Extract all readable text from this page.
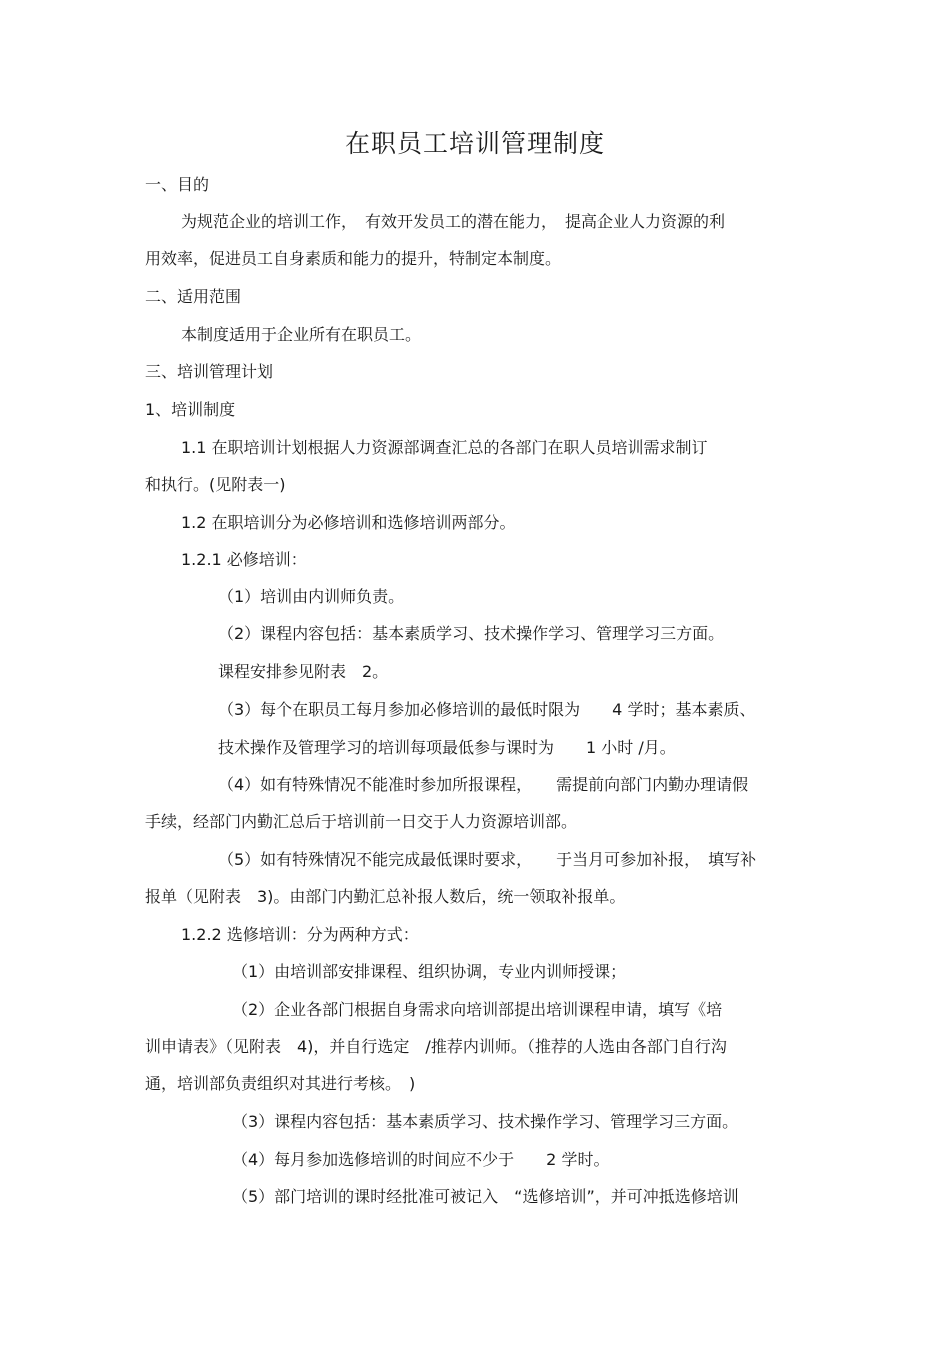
在职员工培训管理制度
一、目的
为规范企业的培训工作，　有效开发员工的潜在能力，　提高企业人力资源的利
用效率，促进员工自身素质和能力的提升，特制定本制度。
二、适用范围
本制度适用于企业所有在职员工。
三、培训管理计划
1、培训制度
1.1 在职培训计划根据人力资源部调查汇总的各部门在职人员培训需求制订
和执行。(见附表一)
1.2 在职培训分为必修培训和选修培训两部分。
1.2.1 必修培训：
（1）培训由内训师负责。
（2）课程内容包括：基本素质学习、技术操作学习、管理学习三方面。
课程安排参见附表　2。
（3）每个在职员工每月参加必修培训的最低时限为　　4 学时；基本素质、
技术操作及管理学习的培训每项最低参与课时为　　1 小时 /月。
（4）如有特殊情况不能准时参加所报课程，　　需提前向部门内勤办理请假
手续，经部门内勤汇总后于培训前一日交于人力资源培训部。
（5）如有特殊情况不能完成最低课时要求，　　于当月可参加补报，　填写补
报单（见附表　3)。由部门内勤汇总补报人数后，统一领取补报单。
1.2.2 选修培训：分为两种方式：
（1）由培训部安排课程、组织协调，专业内训师授课；
（2）企业各部门根据自身需求向培训部提出培训课程申请，填写《培
训申请表》（见附表　4)，并自行选定　/推荐内训师。（推荐的人选由各部门自行沟
通，培训部负责组织对其进行考核。　)
（3）课程内容包括：基本素质学习、技术操作学习、管理学习三方面。
（4）每月参加选修培训的时间应不少于　　2 学时。
（5）部门培训的课时经批准可被记入　“选修培训”，并可冲抵选修培训
